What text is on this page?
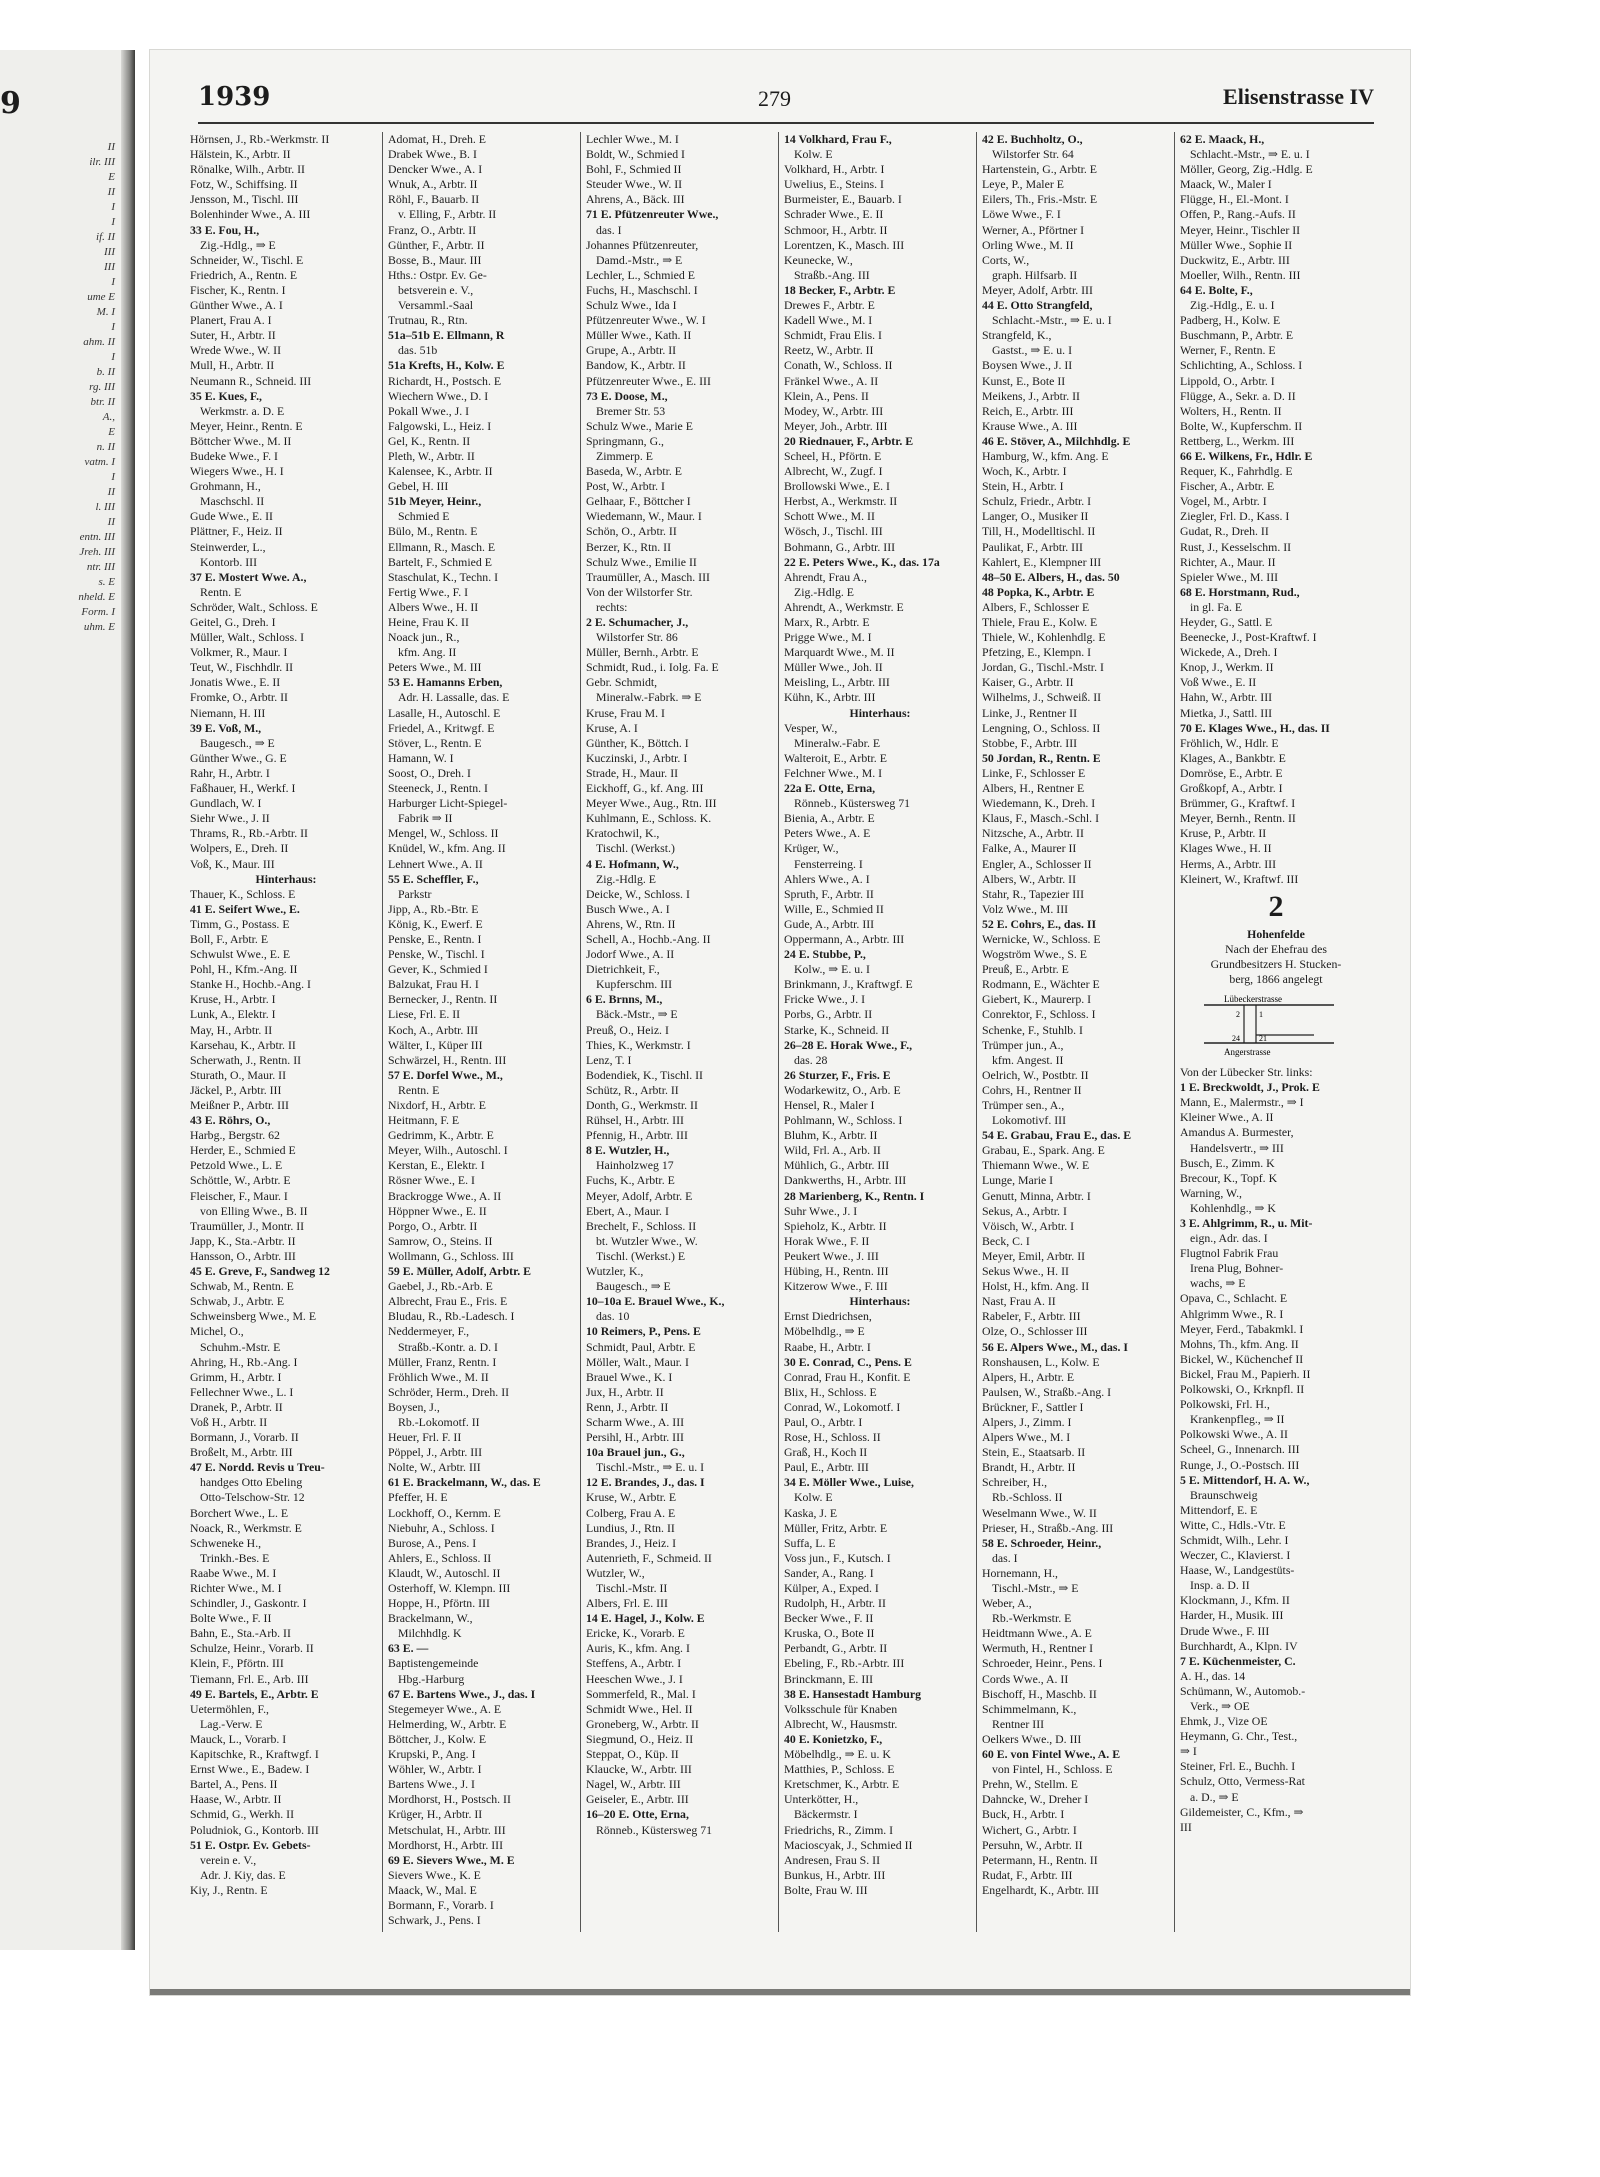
9
II
ilr. III
E
II
I
I
if. II
III
III
I
ume E
M. I
I
ahm. II
I
b. II
rg. III
btr. II
A.,
E
n. II
vatm. I
I
II
l. III
II
entn. III
Jreh. III
ntr. III
s. E
nheld. E
Form. I
uhm. E
1939	279	Elisenstrasse IV
Hörnsen, J., Rb.-Werkmstr. II
Hälstein, K., Arbtr. II
Rönalke, Wilh., Arbtr. II
Fotz, W., Schiffsing. II
Jensson, M., Tischl. III
Bolenhinder Wwe., A. III
33 E. Fou, H.,
Zig.-Hdlg., ⇒ E
Schneider, W., Tischl. E
Friedrich, A., Rentn. E
Fischer, K., Rentn. I
Günther Wwe., A. I
Planert, Frau A. I
Suter, H., Arbtr. II
Wrede Wwe., W. II
Mull, H., Arbtr. II
Neumann R., Schneid. III
35 E. Kues, F.,
Werkmstr. a. D. E
Meyer, Heinr., Rentn. E
Böttcher Wwe., M. II
Budeke Wwe., F. I
Wiegers Wwe., H. I
Grohmann, H.,
Maschschl. II
Gude Wwe., E. II
Plättner, F., Heiz. II
Steinwerder, L.,
Kontorb. III
37 E. Mostert Wwe. A.,
Rentn. E
Schröder, Walt., Schloss. E
Geitel, G., Dreh. I
Müller, Walt., Schloss. I
Volkmer, R., Maur. I
Teut, W., Fischhdlr. II
Jonatis Wwe., E. II
Fromke, O., Arbtr. II
Niemann, H. III
39 E. Voß, M.,
Baugesch., ⇒ E
Günther Wwe., G. E
Rahr, H., Arbtr. I
Faßhauer, H., Werkf. I
Gundlach, W. I
Siehr Wwe., J. II
Thrams, R., Rb.-Arbtr. II
Wolpers, E., Dreh. II
Voß, K., Maur. III
Hinterhaus:
Thauer, K., Schloss. E
41 E. Seifert Wwe., E.
Timm, G., Postass. E
Boll, F., Arbtr. E
Schwulst Wwe., E. E
Pohl, H., Kfm.-Ang. II
Stanke H., Hochb.-Ang. I
Kruse, H., Arbtr. I
Lunk, A., Elektr. I
May, H., Arbtr. II
Karsehau, K., Arbtr. II
Scherwath, J., Rentn. II
Sturath, O., Maur. II
Jäckel, P., Arbtr. III
Meißner P., Arbtr. III
43 E. Röhrs, O.,
Harbg., Bergstr. 62
Herder, E., Schmied E
Petzold Wwe., L. E
Schöttle, W., Arbtr. E
Fleischer, F., Maur. I
von Elling Wwe., B. II
Traumüller, J., Montr. II
Japp, K., Sta.-Arbtr. II
Hansson, O., Arbtr. III
45 E. Greve, F., Sandweg 12
Schwab, M., Rentn. E
Schwab, J., Arbtr. E
Schweinsberg Wwe., M. E
Michel, O.,
Schuhm.-Mstr. E
Ahring, H., Rb.-Ang. I
Grimm, H., Arbtr. I
Fellechner Wwe., L. I
Dranek, P., Arbtr. II
Voß H., Arbtr. II
Bormann, J., Vorarb. II
Broßelt, M., Arbtr. III
47 E. Nordd. Revis u Treu-
handges Otto Ebeling
Otto-Telschow-Str. 12
Borchert Wwe., L. E
Noack, R., Werkmstr. E
Schweneke H.,
Trinkh.-Bes. E
Raabe Wwe., M. I
Richter Wwe., M. I
Schindler, J., Gaskontr. I
Bolte Wwe., F. II
Bahn, E., Sta.-Arb. II
Schulze, Heinr., Vorarb. II
Klein, F., Pförtn. III
Tiemann, Frl. E., Arb. III
49 E. Bartels, E., Arbtr. E
Uetermöhlen, F.,
Lag.-Verw. E
Mauck, L., Vorarb. I
Kapitschke, R., Kraftwgf. I
Ernst Wwe., E., Badew. I
Bartel, A., Pens. II
Haase, W., Arbtr. II
Schmid, G., Werkh. II
Poludniok, G., Kontorb. III
51 E. Ostpr. Ev. Gebets-
verein e. V.,
Adr. J. Kiy, das. E
Kiy, J., Rentn. E
Adomat, H., Dreh. E
Drabek Wwe., B. I
Dencker Wwe., A. I
Wnuk, A., Arbtr. II
Röhl, F., Bauarb. II
v. Elling, F., Arbtr. II
Franz, O., Arbtr. II
Günther, F., Arbtr. II
Bosse, B., Maur. III
Hths.: Ostpr. Ev. Ge-
betsverein e. V.,
Versamml.-Saal
Trutnau, R., Rtn.
51a–51b E. Ellmann, R
das. 51b
51a Krefts, H., Kolw. E
Richardt, H., Postsch. E
Wiechern Wwe., D. I
Pokall Wwe., J. I
Falgowski, L., Heiz. I
Gel, K., Rentn. II
Pleth, W., Arbtr. II
Kalensee, K., Arbtr. II
Gebel, H. III
51b Meyer, Heinr.,
Schmied E
Bülo, M., Rentn. E
Ellmann, R., Masch. E
Bartelt, F., Schmied E
Staschulat, K., Techn. I
Fertig Wwe., F. I
Albers Wwe., H. II
Heine, Frau K. II
Noack jun., R.,
kfm. Ang. II
Peters Wwe., M. III
53 E. Hamanns Erben,
Adr. H. Lassalle, das. E
Lasalle, H., Autoschl. E
Friedel, A., Kritwgf. E
Stöver, L., Rentn. E
Hamann, W. I
Soost, O., Dreh. I
Steeneck, J., Rentn. I
Harburger Licht-Spiegel-
Fabrik ⇒ II
Mengel, W., Schloss. II
Knüdel, W., kfm. Ang. II
Lehnert Wwe., A. II
55 E. Scheffler, F.,
Parkstr
Jipp, A., Rb.-Btr. E
König, K., Ewerf. E
Penske, E., Rentn. I
Penske, W., Tischl. I
Gever, K., Schmied I
Balzukat, Frau H. I
Bernecker, J., Rentn. II
Liese, Frl. E. II
Koch, A., Arbtr. III
Wälter, I., Küper III
Schwärzel, H., Rentn. III
57 E. Dorfel Wwe., M.,
Rentn. E
Nixdorf, H., Arbtr. E
Heitmann, F. E
Gedrimm, K., Arbtr. E
Meyer, Wilh., Autoschl. I
Kerstan, E., Elektr. I
Rösner Wwe., E. I
Brackrogge Wwe., A. II
Höppner Wwe., E. II
Porgo, O., Arbtr. II
Samrow, O., Steins. II
Wollmann, G., Schloss. III
59 E. Müller, Adolf, Arbtr. E
Gaebel, J., Rb.-Arb. E
Albrecht, Frau E., Fris. E
Bludau, R., Rb.-Ladesch. I
Neddermeyer, F.,
Straßb.-Kontr. a. D. I
Müller, Franz, Rentn. I
Fröhlich Wwe., M. II
Schröder, Herm., Dreh. II
Boysen, J.,
Rb.-Lokomotf. II
Heuer, Frl. F. II
Pöppel, J., Arbtr. III
Nolte, W., Arbtr. III
61 E. Brackelmann, W., das. E
Pfeffer, H. E
Lockhoff, O., Kernm. E
Niebuhr, A., Schloss. I
Burose, A., Pens. I
Ahlers, E., Schloss. II
Klaudt, W., Autoschl. II
Osterhoff, W. Klempn. III
Hoppe, H., Pförtn. III
Brackelmann, W.,
Milchhdlg. K
63 E. —
Baptistengemeinde
Hbg.-Harburg
67 E. Bartens Wwe., J., das. I
Stegemeyer Wwe., A. E
Helmerding, W., Arbtr. E
Böttcher, J., Kolw. E
Krupski, P., Ang. I
Wöhler, W., Arbtr. I
Bartens Wwe., J. I
Mordhorst, H., Postsch. II
Krüger, H., Arbtr. II
Metschulat, H., Arbtr. III
Mordhorst, H., Arbtr. III
69 E. Sievers Wwe., M. E
Sievers Wwe., K. E
Maack, W., Mal. E
Bormann, F., Vorarb. I
Schwark, J., Pens. I
Lechler Wwe., M. I
Boldt, W., Schmied I
Bohl, F., Schmied II
Steuder Wwe., W. II
Ahrens, A., Bäck. III
71 E. Pfützenreuter Wwe.,
das. I
Johannes Pfützenreuter,
Damd.-Mstr., ⇒ E
Lechler, L., Schmied E
Fuchs, H., Maschschl. I
Schulz Wwe., Ida I
Pfützenreuter Wwe., W. I
Müller Wwe., Kath. II
Grupe, A., Arbtr. II
Bandow, K., Arbtr. II
Pfützenreuter Wwe., E. III
73 E. Doose, M.,
Bremer Str. 53
Schulz Wwe., Marie E
Springmann, G.,
Zimmerp. E
Baseda, W., Arbtr. E
Post, W., Arbtr. I
Gelhaar, F., Böttcher I
Wiedemann, W., Maur. I
Schön, O., Arbtr. II
Berzer, K., Rtn. II
Schulz Wwe., Emilie II
Traumüller, A., Masch. III
Von der Wilstorfer Str.
rechts:
2 E. Schumacher, J.,
Wilstorfer Str. 86
Müller, Bernh., Arbtr. E
Schmidt, Rud., i. Iolg. Fa. E
Gebr. Schmidt,
Mineralw.-Fabrk. ⇒ E
Kruse, Frau M. I
Kruse, A. I
Günther, K., Böttch. I
Kuczinski, J., Arbtr. I
Strade, H., Maur. II
Eickhoff, G., kf. Ang. III
Meyer Wwe., Aug., Rtn. III
Kuhlmann, E., Schloss. K.
Kratochwil, K.,
Tischl. (Werkst.)
4 E. Hofmann, W.,
Zig.-Hdlg. E
Deicke, W., Schloss. I
Busch Wwe., A. I
Ahrens, W., Rtn. II
Schell, A., Hochb.-Ang. II
Jodorf Wwe., A. II
Dietrichkeit, F.,
Kupferschm. III
6 E. Brnns, M.,
Bäck.-Mstr., ⇒ E
Preuß, O., Heiz. I
Thies, K., Werkmstr. I
Lenz, T. I
Bodendiek, K., Tischl. II
Schütz, R., Arbtr. II
Donth, G., Werkmstr. II
Rühsel, H., Arbtr. III
Pfennig, H., Arbtr. III
8 E. Wutzler, H.,
Hainholzweg 17
Fuchs, K., Arbtr. E
Meyer, Adolf, Arbtr. E
Ebert, A., Maur. I
Brechelt, F., Schloss. II
bt. Wutzler Wwe., W.
Tischl. (Werkst.) E
Wutzler, K.,
Baugesch., ⇒ E
10–10a E. Brauel Wwe., K.,
das. 10
10 Reimers, P., Pens. E
Schmidt, Paul, Arbtr. E
Möller, Walt., Maur. I
Brauel Wwe., K. I
Jux, H., Arbtr. II
Renn, J., Arbtr. II
Scharm Wwe., A. III
Persihl, H., Arbtr. III
10a Brauel jun., G.,
Tischl.-Mstr., ⇒ E. u. I
12 E. Brandes, J., das. I
Kruse, W., Arbtr. E
Colberg, Frau A. E
Lundius, J., Rtn. II
Brandes, J., Heiz. I
Autenrieth, F., Schmeid. II
Wutzler, W.,
Tischl.-Mstr. II
Albers, Frl. E. III
14 E. Hagel, J., Kolw. E
Ericke, K., Vorarb. E
Auris, K., kfm. Ang. I
Steffens, A., Arbtr. I
Heeschen Wwe., J. I
Sommerfeld, R., Mal. I
Schmidt Wwe., Hel. II
Groneberg, W., Arbtr. II
Siegmund, O., Heiz. II
Steppat, O., Küp. II
Klaucke, W., Arbtr. III
Nagel, W., Arbtr. III
Geiseler, E., Arbtr. III
16–20 E. Otte, Erna,
Rönneb., Küstersweg 71
14 Volkhard, Frau F.,
Kolw. E
Volkhard, H., Arbtr. I
Uwelius, E., Steins. I
Burmeister, E., Bauarb. I
Schrader Wwe., E. II
Schmoor, H., Arbtr. II
Lorentzen, K., Masch. III
Keunecke, W.,
Straßb.-Ang. III
18 Becker, F., Arbtr. E
Drewes F., Arbtr. E
Kadell Wwe., M. I
Schmidt, Frau Elis. I
Reetz, W., Arbtr. II
Conath, W., Schloss. II
Fränkel Wwe., A. II
Klein, A., Pens. II
Modey, W., Arbtr. III
Meyer, Joh., Arbtr. III
20 Riednauer, F., Arbtr. E
Scheel, H., Pförtn. E
Albrecht, W., Zugf. I
Brollowski Wwe., E. I
Herbst, A., Werkmstr. II
Schott Wwe., M. II
Wösch, J., Tischl. III
Bohmann, G., Arbtr. III
22 E. Peters Wwe., K., das. 17a
Ahrendt, Frau A.,
Zig.-Hdlg. E
Ahrendt, A., Werkmstr. E
Marx, R., Arbtr. E
Prigge Wwe., M. I
Marquardt Wwe., M. II
Müller Wwe., Joh. II
Meisling, L., Arbtr. III
Kühn, K., Arbtr. III
Hinterhaus:
Vesper, W.,
Mineralw.-Fabr. E
Walteroit, E., Arbtr. E
Felchner Wwe., M. I
22a E. Otte, Erna,
Rönneb., Küstersweg 71
Bienia, A., Arbtr. E
Peters Wwe., A. E
Krüger, W.,
Fensterreing. I
Ahlers Wwe., A. I
Spruth, F., Arbtr. II
Wille, E., Schmied II
Gude, A., Arbtr. III
Oppermann, A., Arbtr. III
24 E. Stubbe, P.,
Kolw., ⇒ E. u. I
Brinkmann, J., Kraftwgf. E
Fricke Wwe., J. I
Porbs, G., Arbtr. II
Starke, K., Schneid. II
26–28 E. Horak Wwe., F.,
das. 28
26 Sturzer, F., Fris. E
Wodarkewitz, O., Arb. E
Hensel, R., Maler I
Pohlmann, W., Schloss. I
Bluhm, K., Arbtr. II
Wild, Frl. A., Arb. II
Mühlich, G., Arbtr. III
Dankwerths, H., Arbtr. III
28 Marienberg, K., Rentn. I
Suhr Wwe., J. I
Spieholz, K., Arbtr. II
Horak Wwe., F. II
Peukert Wwe., J. III
Hübing, H., Rentn. III
Kitzerow Wwe., F. III
Hinterhaus:
Ernst Diedrichsen,
Möbelhdlg., ⇒ E
Raabe, H., Arbtr. I
30 E. Conrad, C., Pens. E
Conrad, Frau H., Konfit. E
Blix, H., Schloss. E
Conrad, W., Lokomotf. I
Paul, O., Arbtr. I
Rose, H., Schloss. II
Graß, H., Koch II
Paul, E., Arbtr. III
34 E. Möller Wwe., Luise,
Kolw. E
Kaska, J. E
Müller, Fritz, Arbtr. E
Suffa, L. E
Voss jun., F., Kutsch. I
Sander, A., Rang. I
Külper, A., Exped. I
Rudolph, H., Arbtr. II
Becker Wwe., F. II
Kruska, O., Bote II
Perbandt, G., Arbtr. II
Ebeling, F., Rb.-Arbtr. III
Brinckmann, E. III
38 E. Hansestadt Hamburg
Volksschule für Knaben
Albrecht, W., Hausmstr.
40 E. Konietzko, F.,
Möbelhdlg., ⇒ E. u. K
Matthies, P., Schloss. E
Kretschmer, K., Arbtr. E
Unterkötter, H.,
Bäckermstr. I
Friedrichs, R., Zimm. I
Macioscyak, J., Schmied II
Andresen, Frau S. II
Bunkus, H., Arbtr. III
Bolte, Frau W. III
42 E. Buchholtz, O.,
Wilstorfer Str. 64
Hartenstein, G., Arbtr. E
Leye, P., Maler E
Eilers, Th., Fris.-Mstr. E
Löwe Wwe., F. I
Werner, A., Pförtner I
Orling Wwe., M. II
Corts, W.,
graph. Hilfsarb. II
Meyer, Adolf, Arbtr. III
44 E. Otto Strangfeld,
Schlacht.-Mstr., ⇒ E. u. I
Strangfeld, K.,
Gastst., ⇒ E. u. I
Boysen Wwe., J. II
Kunst, E., Bote II
Meikens, J., Arbtr. II
Reich, E., Arbtr. III
Krause Wwe., A. III
46 E. Stöver, A., Milchhdlg. E
Hamburg, W., kfm. Ang. E
Woch, K., Arbtr. I
Stein, H., Arbtr. I
Schulz, Friedr., Arbtr. I
Langer, O., Musiker II
Till, H., Modelltischl. II
Paulikat, F., Arbtr. III
Kahlert, E., Klempner III
48–50 E. Albers, H., das. 50
48 Popka, K., Arbtr. E
Albers, F., Schlosser E
Thiele, Frau E., Kolw. E
Thiele, W., Kohlenhdlg. E
Pfetzing, E., Klempn. I
Jordan, G., Tischl.-Mstr. I
Kaiser, G., Arbtr. II
Wilhelms, J., Schweiß. II
Linke, J., Rentner II
Lengning, O., Schloss. II
Stobbe, F., Arbtr. III
50 Jordan, R., Rentn. E
Linke, F., Schlosser E
Albers, H., Rentner E
Wiedemann, K., Dreh. I
Klaus, F., Masch.-Schl. I
Nitzsche, A., Arbtr. II
Falke, A., Maurer II
Engler, A., Schlosser II
Albers, W., Arbtr. II
Stahr, R., Tapezier III
Volz Wwe., M. III
52 E. Cohrs, E., das. II
Wernicke, W., Schloss. E
Wogström Wwe., S. E
Preuß, E., Arbtr. E
Rodmann, E., Wächter E
Giebert, K., Maurerp. I
Conrektor, F., Schloss. I
Schenke, F., Stuhlb. I
Trümper jun., A.,
kfm. Angest. II
Oelrich, W., Postbtr. II
Cohrs, H., Rentner II
Trümper sen., A.,
Lokomotivf. III
54 E. Grabau, Frau E., das. E
Grabau, E., Spark. Ang. E
Thiemann Wwe., W. E
Lunge, Marie I
Genutt, Minna, Arbtr. I
Sekus, A., Arbtr. I
Vöisch, W., Arbtr. I
Beck, C. I
Meyer, Emil, Arbtr. II
Sekus Wwe., H. II
Holst, H., kfm. Ang. II
Nast, Frau A. II
Rabeler, F., Arbtr. III
Olze, O., Schlosser III
56 E. Alpers Wwe., M., das. I
Ronshausen, L., Kolw. E
Alpers, H., Arbtr. E
Paulsen, W., Straßb.-Ang. I
Brückner, F., Sattler I
Alpers, J., Zimm. I
Alpers Wwe., M. I
Stein, E., Staatsarb. II
Brandt, H., Arbtr. II
Schreiber, H.,
Rb.-Schloss. II
Weselmann Wwe., W. II
Prieser, H., Straßb.-Ang. III
58 E. Schroeder, Heinr.,
das. I
Hornemann, H.,
Tischl.-Mstr., ⇒ E
Weber, A.,
Rb.-Werkmstr. E
Heidtmann Wwe., A. E
Wermuth, H., Rentner I
Schroeder, Heinr., Pens. I
Cords Wwe., A. II
Bischoff, H., Maschb. II
Schimmelmann, K.,
Rentner III
Oelkers Wwe., D. III
60 E. von Fintel Wwe., A. E
von Fintel, H., Schloss. E
Prehn, W., Stellm. E
Dahncke, W., Dreher I
Buck, H., Arbtr. I
Wichert, G., Arbtr. I
Persuhn, W., Arbtr. II
Petermann, H., Rentn. II
Rudat, F., Arbtr. III
Engelhardt, K., Arbtr. III
62 E. Maack, H.,
Schlacht.-Mstr., ⇒ E. u. I
Möller, Georg, Zig.-Hdlg. E
Maack, W., Maler I
Flügge, H., El.-Mont. I
Offen, P., Rang.-Aufs. II
Meyer, Heinr., Tischler II
Müller Wwe., Sophie II
Duckwitz, E., Arbtr. III
Moeller, Wilh., Rentn. III
64 E. Bolte, F.,
Zig.-Hdlg., E. u. I
Padberg, H., Kolw. E
Buschmann, P., Arbtr. E
Werner, F., Rentn. E
Schlichting, A., Schloss. I
Lippold, O., Arbtr. I
Flügge, A., Sekr. a. D. II
Wolters, H., Rentn. II
Bolte, W., Kupferschm. II
Rettberg, L., Werkm. III
66 E. Wilkens, Fr., Hdlr. E
Requer, K., Fahrhdlg. E
Fischer, A., Arbtr. E
Vogel, M., Arbtr. I
Ziegler, Frl. D., Kass. I
Gudat, R., Dreh. II
Rust, J., Kesselschm. II
Richter, A., Maur. II
Spieler Wwe., M. III
68 E. Horstmann, Rud.,
in gl. Fa. E
Heyder, G., Sattl. E
Beenecke, J., Post-Kraftwf. I
Wickede, A., Dreh. I
Knop, J., Werkm. II
Voß Wwe., E. II
Hahn, W., Arbtr. III
Mietka, J., Sattl. III
70 E. Klages Wwe., H., das. II
Fröhlich, W., Hdlr. E
Klages, A., Bankbtr. E
Domröse, E., Arbtr. E
Großkopf, A., Arbtr. I
Brümmer, G., Kraftwf. I
Meyer, Bernh., Rentn. II
Kruse, P., Arbtr. II
Klages Wwe., H. II
Herms, A., Arbtr. III
Kleinert, W., Kraftwf. III
2
Hohenfelde
Nach der Ehefrau des
Grundbesitzers H. Stucken-
berg, 1866 angelegt
Lübeckerstrasse
Angerstrasse
2 1
24 21
Von der Lübecker Str. links:
1 E. Breckwoldt, J., Prok. E
Mann, E., Malermstr., ⇒ I
Kleiner Wwe., A. II
Amandus A. Burmester,
Handelsvertr., ⇒ III
Busch, E., Zimm. K
Brecour, K., Topf. K
Warning, W.,
Kohlenhdlg., ⇒ K
3 E. Ahlgrimm, R., u. Mit-
eign., Adr. das. I
Flugtnol Fabrik Frau
Irena Plug, Bohner-
wachs, ⇒ E
Opava, C., Schlacht. E
Ahlgrimm Wwe., R. I
Meyer, Ferd., Tabakmkl. I
Mohns, Th., kfm. Ang. II
Bickel, W., Küchenchef II
Bickel, Frau M., Papierh. II
Polkowski, O., Krknpfl. II
Polkowski, Frl. H.,
Krankenpfleg., ⇒ II
Polkowski Wwe., A. II
Scheel, G., Innenarch. III
Runge, J., O.-Postsch. III
5 E. Mittendorf, H. A. W.,
Braunschweig
Mittendorf, E. E
Witte, C., Hdls.-Vtr. E
Schmidt, Wilh., Lehr. I
Weczer, C., Klavierst. I
Haase, W., Landgestüts-
Insp. a. D. II
Klockmann, J., Kfm. II
Harder, H., Musik. III
Drude Wwe., F. III
Burchhardt, A., Klpn. IV
7 E. Küchenmeister, C.
A. H., das. 14
Schümann, W., Automob.-
Verk., ⇒ OE
Ehmk, J., Vize OE
Heymann, G. Chr., Test.,
⇒ I
Steiner, Frl. E., Buchh. I
Schulz, Otto, Vermess-Rat
a. D., ⇒ E
Gildemeister, C., Kfm., ⇒
III
